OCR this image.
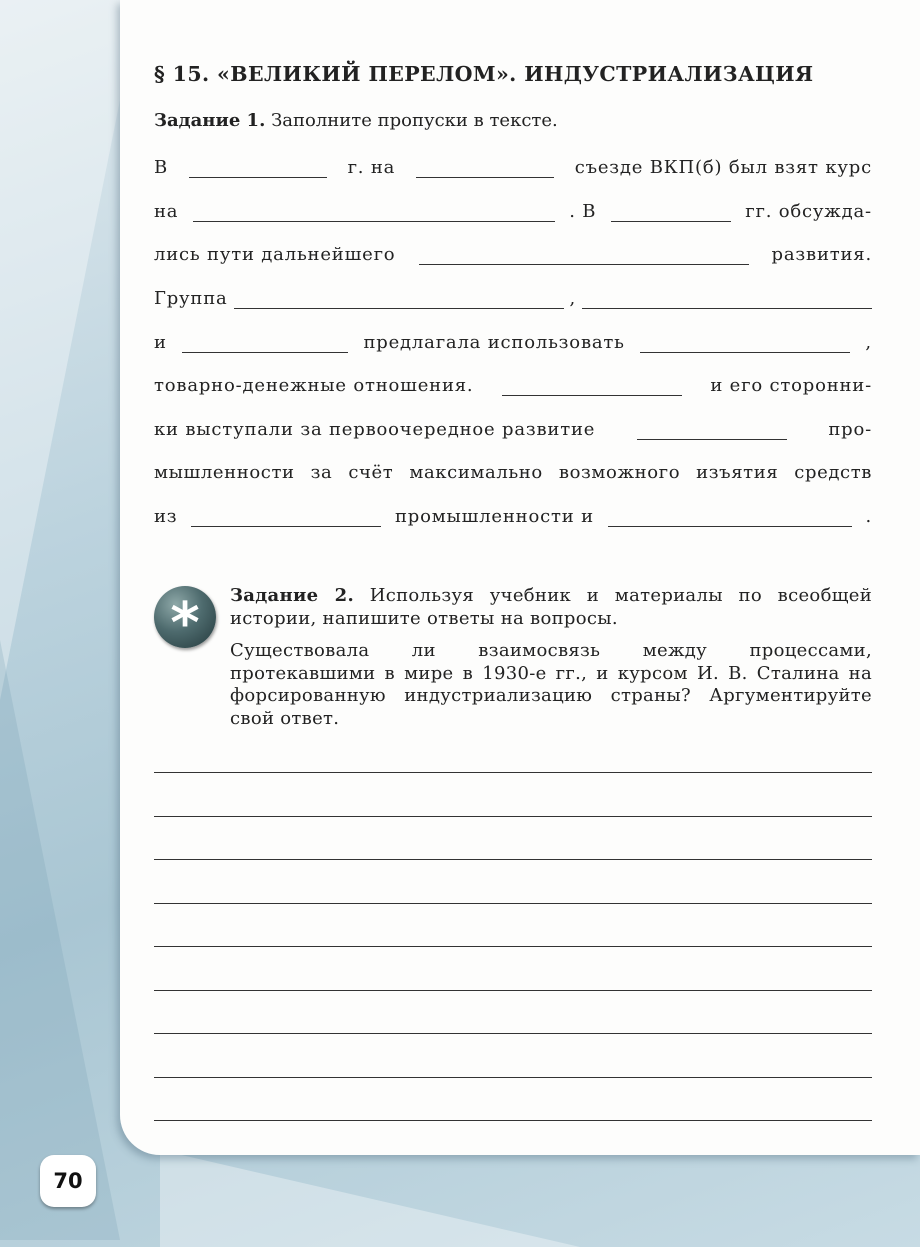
§ 15. «ВЕЛИКИЙ ПЕРЕЛОМ». ИНДУСТРИАЛИЗАЦИЯ
Задание 1. Заполните пропуски в тексте.
В	г. на	съезде ВКП(б) был взят курс
на	. В	гг. обсужда-
лись пути дальнейшего	развития.
Группа	,
и	предлагала использовать	,
товарно-денежные отношения.	и его сторонни-
ки выступали за первоочередное развитие	про-
мышленности за счёт максимально возможного изъятия средств
из	промышленности и	.
* Задание 2. Используя учебник и материалы по всеобщей истории, напишите ответы на вопросы.

Существовала ли взаимосвязь между процессами, протекавшими в мире в 1930-е гг., и курсом И. В. Сталина на форсированную индустриализацию страны? Аргументируйте свой ответ.

70
